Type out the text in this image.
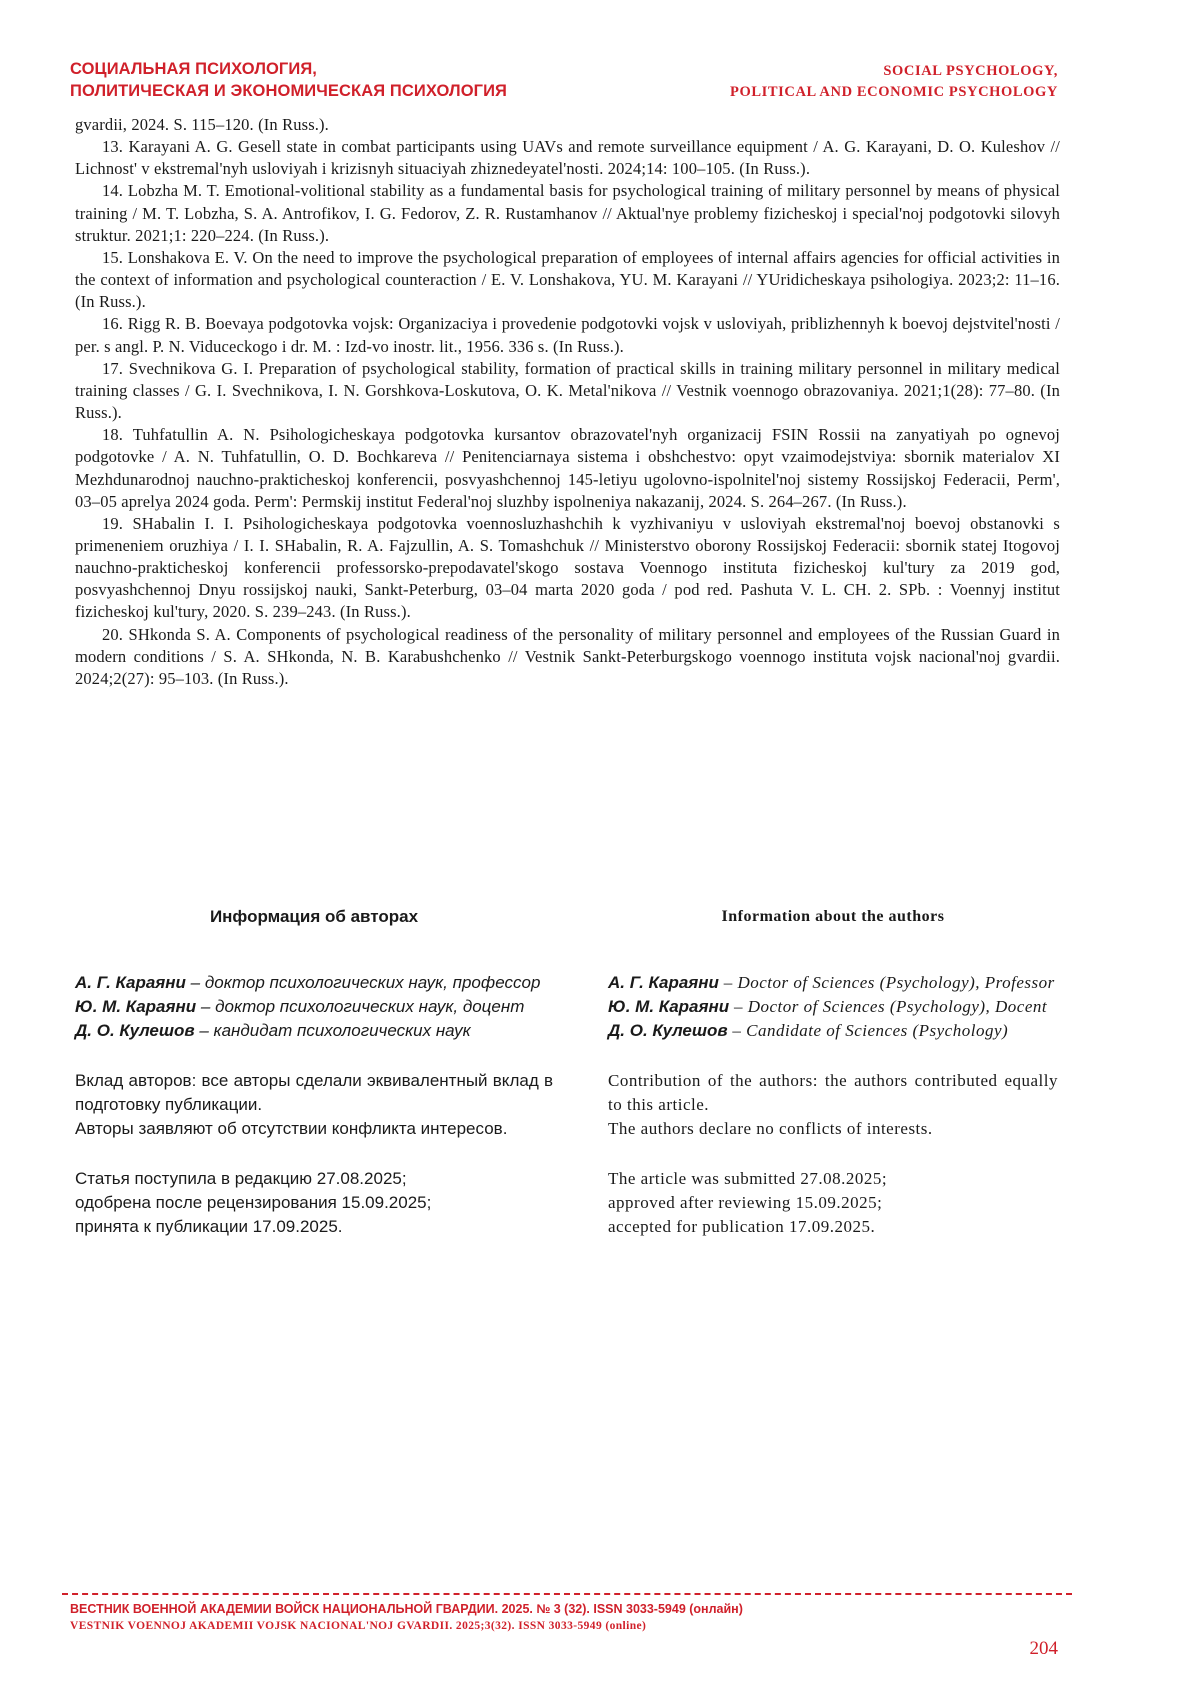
СОЦИАЛЬНАЯ ПСИХОЛОГИЯ,
ПОЛИТИЧЕСКАЯ И ЭКОНОМИЧЕСКАЯ ПСИХОЛОГИЯ
SOCIAL PSYCHOLOGY,
POLITICAL AND ECONOMIC PSYCHOLOGY

gvardii, 2024. S. 115–120. (In Russ.).

13. Karayani A. G. Gesell state in combat participants using UAVs and remote surveillance equipment / A. G. Karayani, D. O. Kuleshov // Lichnost' v ekstremal'nyh usloviyah i krizisnyh situaciyah zhiznedeyatel'nosti. 2024;14: 100–105. (In Russ.).

14. Lobzha M. T. Emotional-volitional stability as a fundamental basis for psychological training of military personnel by means of physical training / M. T. Lobzha, S. A. Antrofikov, I. G. Fedorov, Z. R. Rustamhanov // Aktual'nye problemy fizicheskoj i special'noj podgotovki silovyh struktur. 2021;1: 220–224. (In Russ.).

15. Lonshakova E. V. On the need to improve the psychological preparation of employees of internal affairs agencies for official activities in the context of information and psychological counteraction / E. V. Lonshakova, YU. M. Karayani // YUridicheskaya psihologiya. 2023;2: 11–16. (In Russ.).

16. Rigg R. B. Boevaya podgotovka vojsk: Organizaciya i provedenie podgotovki vojsk v usloviyah, priblizhennyh k boevoj dejstvitel'nosti / per. s angl. P. N. Viduceckogo i dr. M. : Izd-vo inostr. lit., 1956. 336 s. (In Russ.).

17. Svechnikova G. I. Preparation of psychological stability, formation of practical skills in training military personnel in military medical training classes / G. I. Svechnikova, I. N. Gorshkova-Loskutova, O. K. Metal'nikova // Vestnik voennogo obrazovaniya. 2021;1(28): 77–80. (In Russ.).

18. Tuhfatullin A. N. Psihologicheskaya podgotovka kursantov obrazovatel'nyh organizacij FSIN Rossii na zanyatiyah po ognevoj podgotovke / A. N. Tuhfatullin, O. D. Bochkareva // Penitenciarnaya sistema i obshchestvo: opyt vzaimodejstviya: sbornik materialov XI Mezhdunarodnoj nauchno-prakticheskoj konferencii, posvyashchennoj 145-letiyu ugolovno-ispolnitel'noj sistemy Rossijskoj Federacii, Perm', 03–05 aprelya 2024 goda. Perm': Permskij institut Federal'noj sluzhby ispolneniya nakazanij, 2024. S. 264–267. (In Russ.).

19. SHabalin I. I. Psihologicheskaya podgotovka voennosluzhashchih k vyzhivaniyu v usloviyah ekstremal'noj boevoj obstanovki s primeneniem oruzhiya / I. I. SHabalin, R. A. Fajzullin, A. S. Tomashchuk // Ministerstvo oborony Rossijskoj Federacii: sbornik statej Itogovoj nauchno-prakticheskoj konferencii professorsko-prepodavatel'skogo sostava Voennogo instituta fizicheskoj kul'tury za 2019 god, posvyashchennoj Dnyu rossijskoj nauki, Sankt-Peterburg, 03–04 marta 2020 goda / pod red. Pashuta V. L. CH. 2. SPb. : Voennyj institut fizicheskoj kul'tury, 2020. S. 239–243. (In Russ.).

20. SHkonda S. A. Components of psychological readiness of the personality of military personnel and employees of the Russian Guard in modern conditions / S. A. SHkonda, N. B. Karabushchenko // Vestnik Sankt-Peterburgskogo voennogo instituta vojsk nacional'noj gvardii. 2024;2(27): 95–103. (In Russ.).

Информация об авторах

А. Г. Караяни – доктор психологических наук, профессор

Ю. М. Караяни – доктор психологических наук, доцент

Д. О. Кулешов – кандидат психологических наук

Вклад авторов: все авторы сделали эквивалентный вклад в подготовку публикации.

Авторы заявляют об отсутствии конфликта интересов.

Статья поступила в редакцию 27.08.2025;

одобрена после рецензирования 15.09.2025;

принята к публикации 17.09.2025.

Information about the authors

А. Г. Караяни – Doctor of Sciences (Psychology), Professor

Ю. М. Караяни – Doctor of Sciences (Psychology), Docent

Д. О. Кулешов – Candidate of Sciences (Psychology)

Contribution of the authors: the authors contributed equally to this article.

The authors declare no conflicts of interests.

The article was submitted 27.08.2025;

approved after reviewing 15.09.2025;

accepted for publication 17.09.2025.

ВЕСТНИК ВОЕННОЙ АКАДЕМИИ ВОЙСК НАЦИОНАЛЬНОЙ ГВАРДИИ. 2025. № 3 (32). ISSN 3033-5949 (онлайн)
VESTNIK VOENNOJ AKADEMII VOJSK NACIONAL'NOJ GVARDII. 2025;3(32). ISSN 3033-5949 (online)
204
